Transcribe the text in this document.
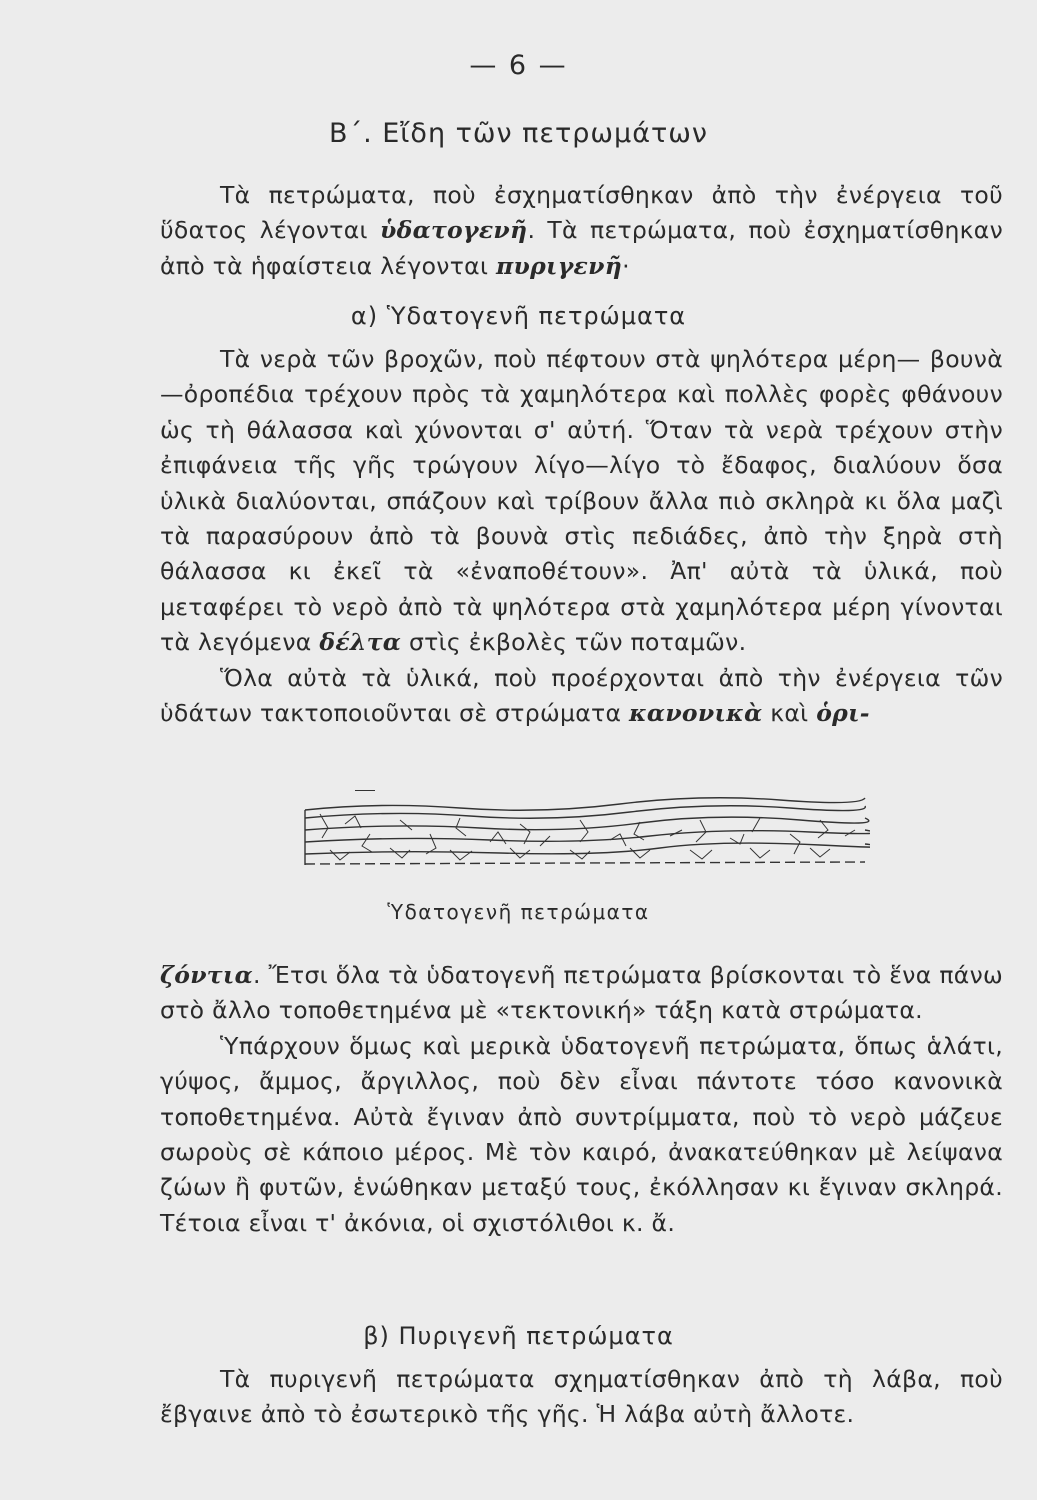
— 6 —
Β΄. Εἴδη τῶν πετρωμάτων

Τὰ πετρώματα, ποὺ ἐσχηματίσθηκαν ἀπὸ τὴν ἐνέργεια τοῦ ὕδατος λέγονται ὑδατογενῆ. Τὰ πετρώματα, ποὺ ἐσχηματίσθηκαν ἀπὸ τὰ ἡφαίστεια λέγονται πυριγενῆ·

α) Ὑδατογενῆ πετρώματα

Τὰ νερὰ τῶν βροχῶν, ποὺ πέφτουν στὰ ψηλότερα μέρη— βουνὰ—ὀροπέδια τρέχουν πρὸς τὰ χαμηλότερα καὶ πολλὲς φορὲς φθάνουν ὡς τὴ θάλασσα καὶ χύνονται σ' αὐτή. Ὅταν τὰ νερὰ τρέχουν στὴν ἐπιφάνεια τῆς γῆς τρώγουν λίγο—λίγο τὸ ἔδαφος, διαλύουν ὅσα ὑλικὰ διαλύονται, σπάζουν καὶ τρίβουν ἄλλα πιὸ σκληρὰ κι ὅλα μαζὶ τὰ παρασύρουν ἀπὸ τὰ βουνὰ στὶς πεδιάδες, ἀπὸ τὴν ξηρὰ στὴ θάλασσα κι ἐκεῖ τὰ «ἐναποθέτουν». Ἀπ' αὐτὰ τὰ ὑλικά, ποὺ μεταφέρει τὸ νερὸ ἀπὸ τὰ ψηλότερα στὰ χαμηλότερα μέρη γίνονται τὰ λεγόμενα δέλτα στὶς ἐκβολὲς τῶν ποταμῶν.

Ὅλα αὐτὰ τὰ ὑλικά, ποὺ προέρχονται ἀπὸ τὴν ἐνέργεια τῶν ὑδάτων τακτοποιοῦνται σὲ στρώματα κανονικὰ καὶ ὁρι-

Ὑδατογενῆ πετρώματα

ζόντια. Ἔτσι ὅλα τὰ ὑδατογενῆ πετρώματα βρίσκονται τὸ ἕνα πάνω στὸ ἄλλο τοποθετημένα μὲ «τεκτονική» τάξη κατὰ στρώματα.

Ὑπάρχουν ὅμως καὶ μερικὰ ὑδατογενῆ πετρώματα, ὅπως ἁλάτι, γύψος, ἄμμος, ἄργιλλος, ποὺ δὲν εἶναι πάντοτε τόσο κανονικὰ τοποθετημένα. Αὐτὰ ἔγιναν ἀπὸ συντρίμματα, ποὺ τὸ νερὸ μάζευε σωροὺς σὲ κάποιο μέρος. Μὲ τὸν καιρό, ἀνακατεύθηκαν μὲ λείψανα ζώων ἢ φυτῶν, ἑνώθηκαν μεταξύ τους, ἐκόλλησαν κι ἔγιναν σκληρά. Τέτοια εἶναι τ' ἀκόνια, οἱ σχιστόλιθοι κ. ἄ.

β) Πυριγενῆ πετρώματα

Τὰ πυριγενῆ πετρώματα σχηματίσθηκαν ἀπὸ τὴ λάβα, ποὺ ἔβγαινε ἀπὸ τὸ ἐσωτερικὸ τῆς γῆς. Ἡ λάβα αὐτὴ ἄλλοτε.
